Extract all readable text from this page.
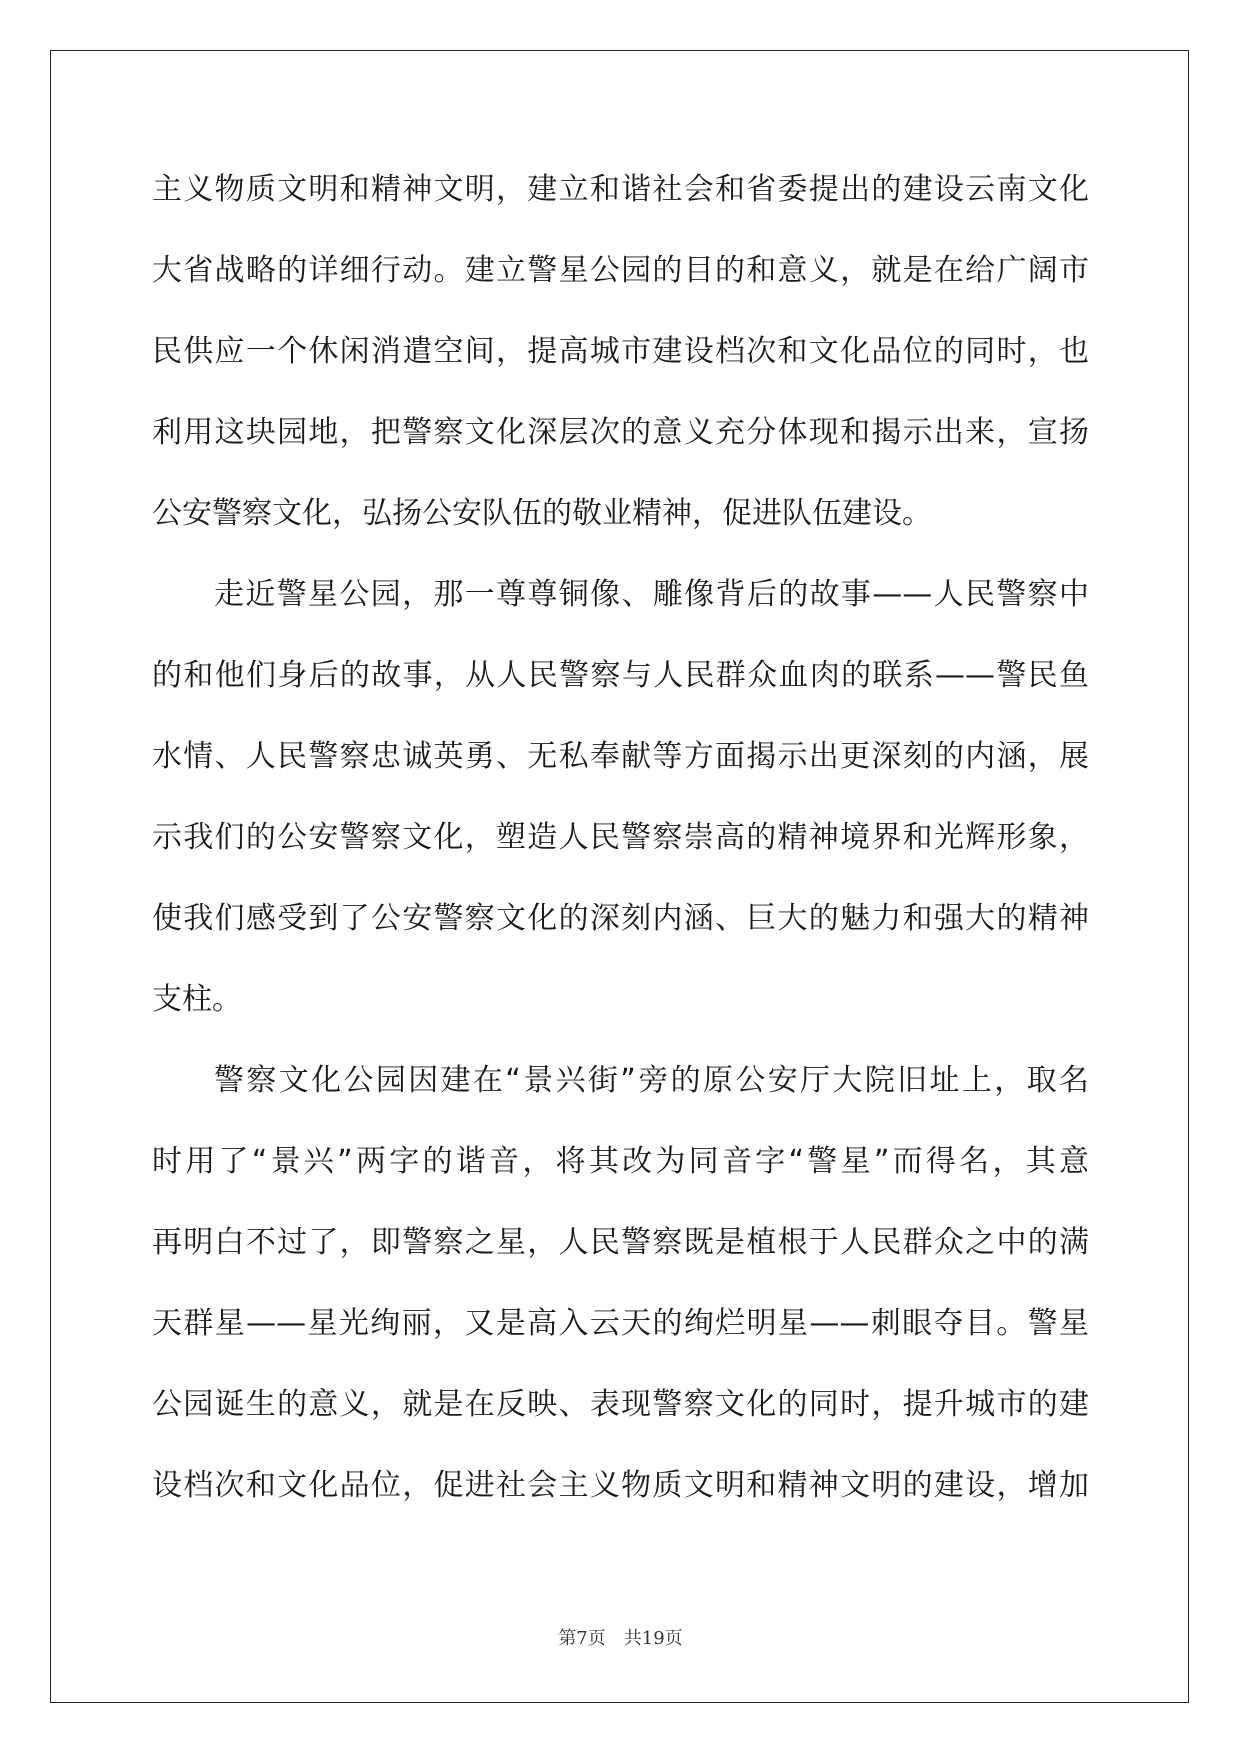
主义物质文明和精神文明，建立和谐社会和省委提出的建设云南文化
大省战略的详细行动。建立警星公园的目的和意义，就是在给广阔市
民供应一个休闲消遣空间，提高城市建设档次和文化品位的同时，也
利用这块园地，把警察文化深层次的意义充分体现和揭示出来，宣扬
公安警察文化，弘扬公安队伍的敬业精神，促进队伍建设。
走近警星公园，那一尊尊铜像、雕像背后的故事——人民警察中
的和他们身后的故事，从人民警察与人民群众血肉的联系——警民鱼
水情、人民警察忠诚英勇、无私奉献等方面揭示出更深刻的内涵，展
示我们的公安警察文化，塑造人民警察崇高的精神境界和光辉形象，
使我们感受到了公安警察文化的深刻内涵、巨大的魅力和强大的精神
支柱。
警察文化公园因建在“景兴街”旁的原公安厅大院旧址上，取名
时用了“景兴”两字的谐音，将其改为同音字“警星”而得名，其意
再明白不过了，即警察之星，人民警察既是植根于人民群众之中的满
天群星——星光绚丽，又是高入云天的绚烂明星——刺眼夺目。警星
公园诞生的意义，就是在反映、表现警察文化的同时，提升城市的建
设档次和文化品位，促进社会主义物质文明和精神文明的建设，增加
第7页　共19页
